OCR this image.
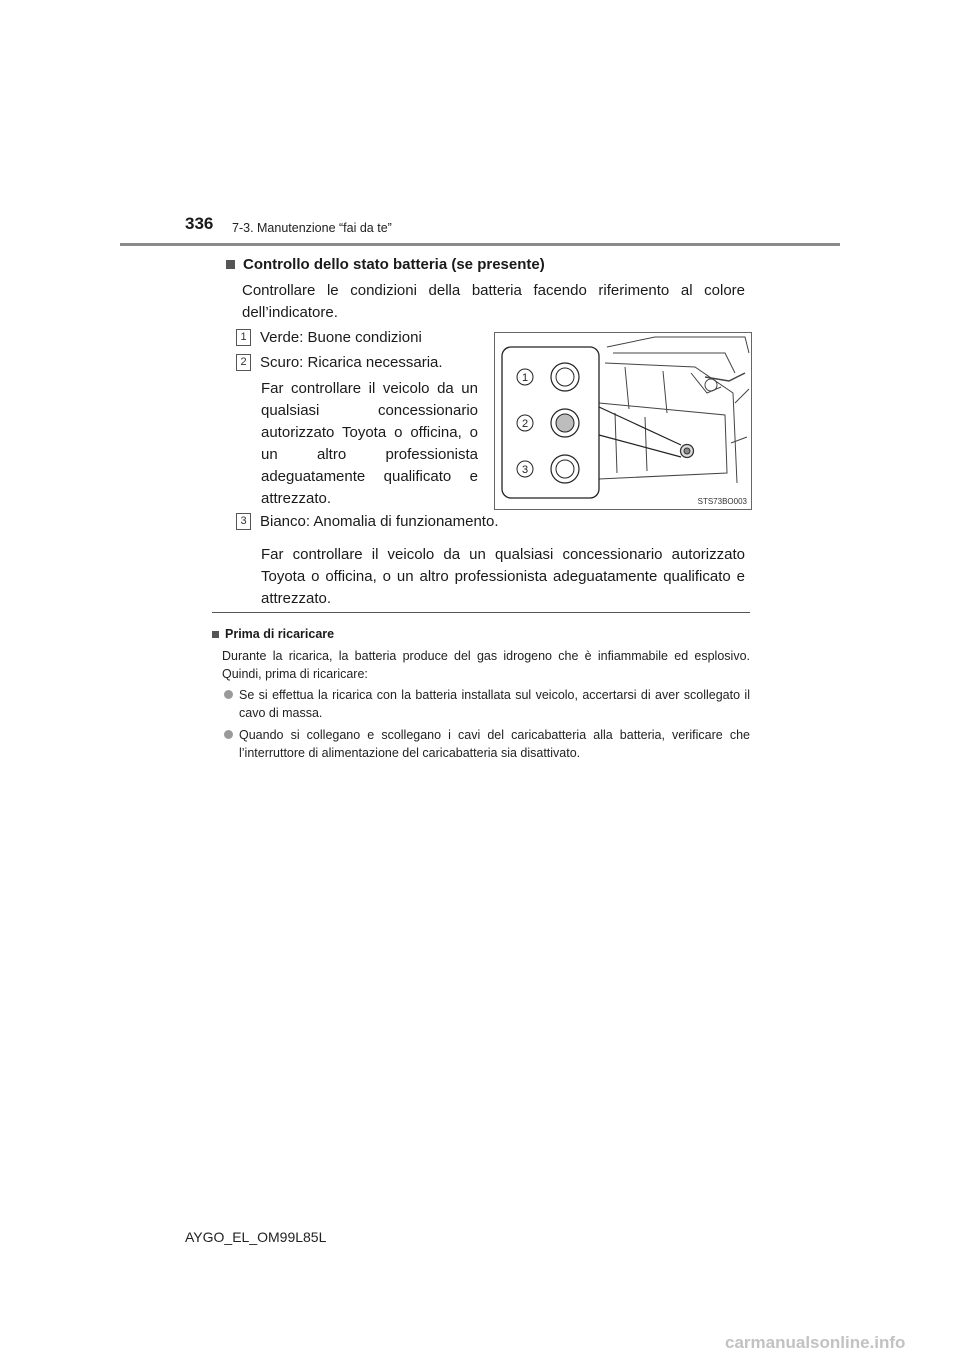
336 7-3. Manutenzione “fai da te”
Controllo dello stato batteria (se presente)
Controllare le condizioni della batteria facendo riferimento al colore dell’indicatore.
1 Verde: Buone condizioni
2 Scuro: Ricarica necessaria.
Far controllare il veicolo da un qualsiasi concessionario autorizzato Toyota o officina, o un altro professionista adeguatamente qualificato e attrezzato.
3 Bianco: Anomalia di funzionamento.
Far controllare il veicolo da un qualsiasi concessionario autorizzato Toyota o officina, o un altro professionista adeguatamente qualificato e attrezzato.
1
2
3
STS73BO003
Prima di ricaricare
Durante la ricarica, la batteria produce del gas idrogeno che è infiammabile ed esplosivo. Quindi, prima di ricaricare:
Se si effettua la ricarica con la batteria installata sul veicolo, accertarsi di aver scollegato il cavo di massa.
Quando si collegano e scollegano i cavi del caricabatteria alla batteria, verificare che l’interruttore di alimentazione del caricabatteria sia disattivato.
AYGO_EL_OM99L85L
carmanualsonline.info
